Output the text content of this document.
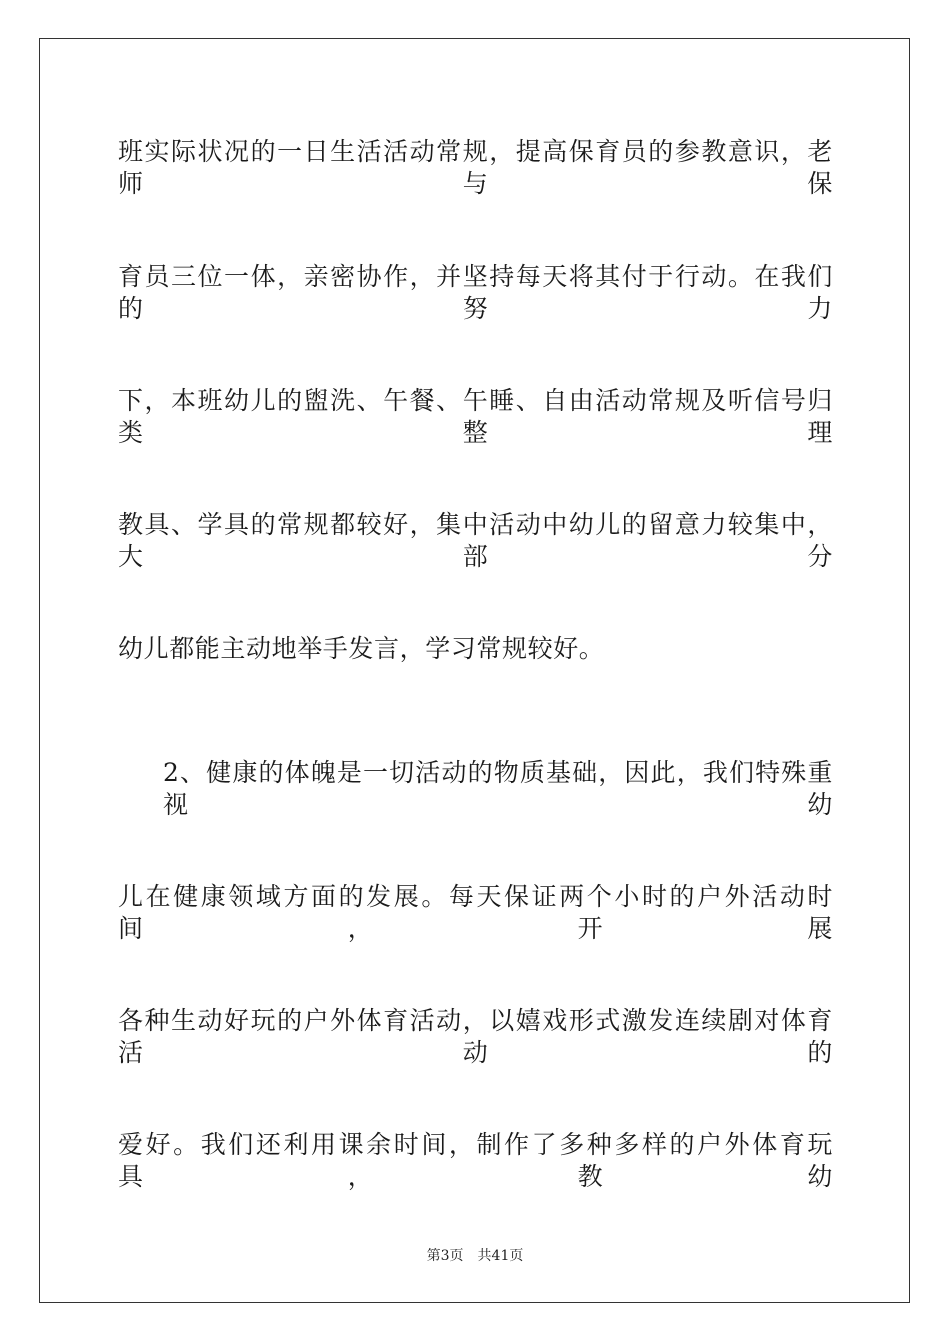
班实际状况的一日生活活动常规，提高保育员的参教意识，老师与保
育员三位一体，亲密协作，并坚持每天将其付于行动。在我们的努力
下，本班幼儿的盥洗、午餐、午睡、自由活动常规及听信号归类整理
教具、学具的常规都较好，集中活动中幼儿的留意力较集中，大部分
幼儿都能主动地举手发言，学习常规较好。
2、健康的体魄是一切活动的物质基础，因此，我们特殊重视幼
儿在健康领域方面的发展。每天保证两个小时的户外活动时间，开展
各种生动好玩的户外体育活动，以嬉戏形式激发连续剧对体育活动的
爱好。我们还利用课余时间，制作了多种多样的户外体育玩具，教幼
第3页 共41页
